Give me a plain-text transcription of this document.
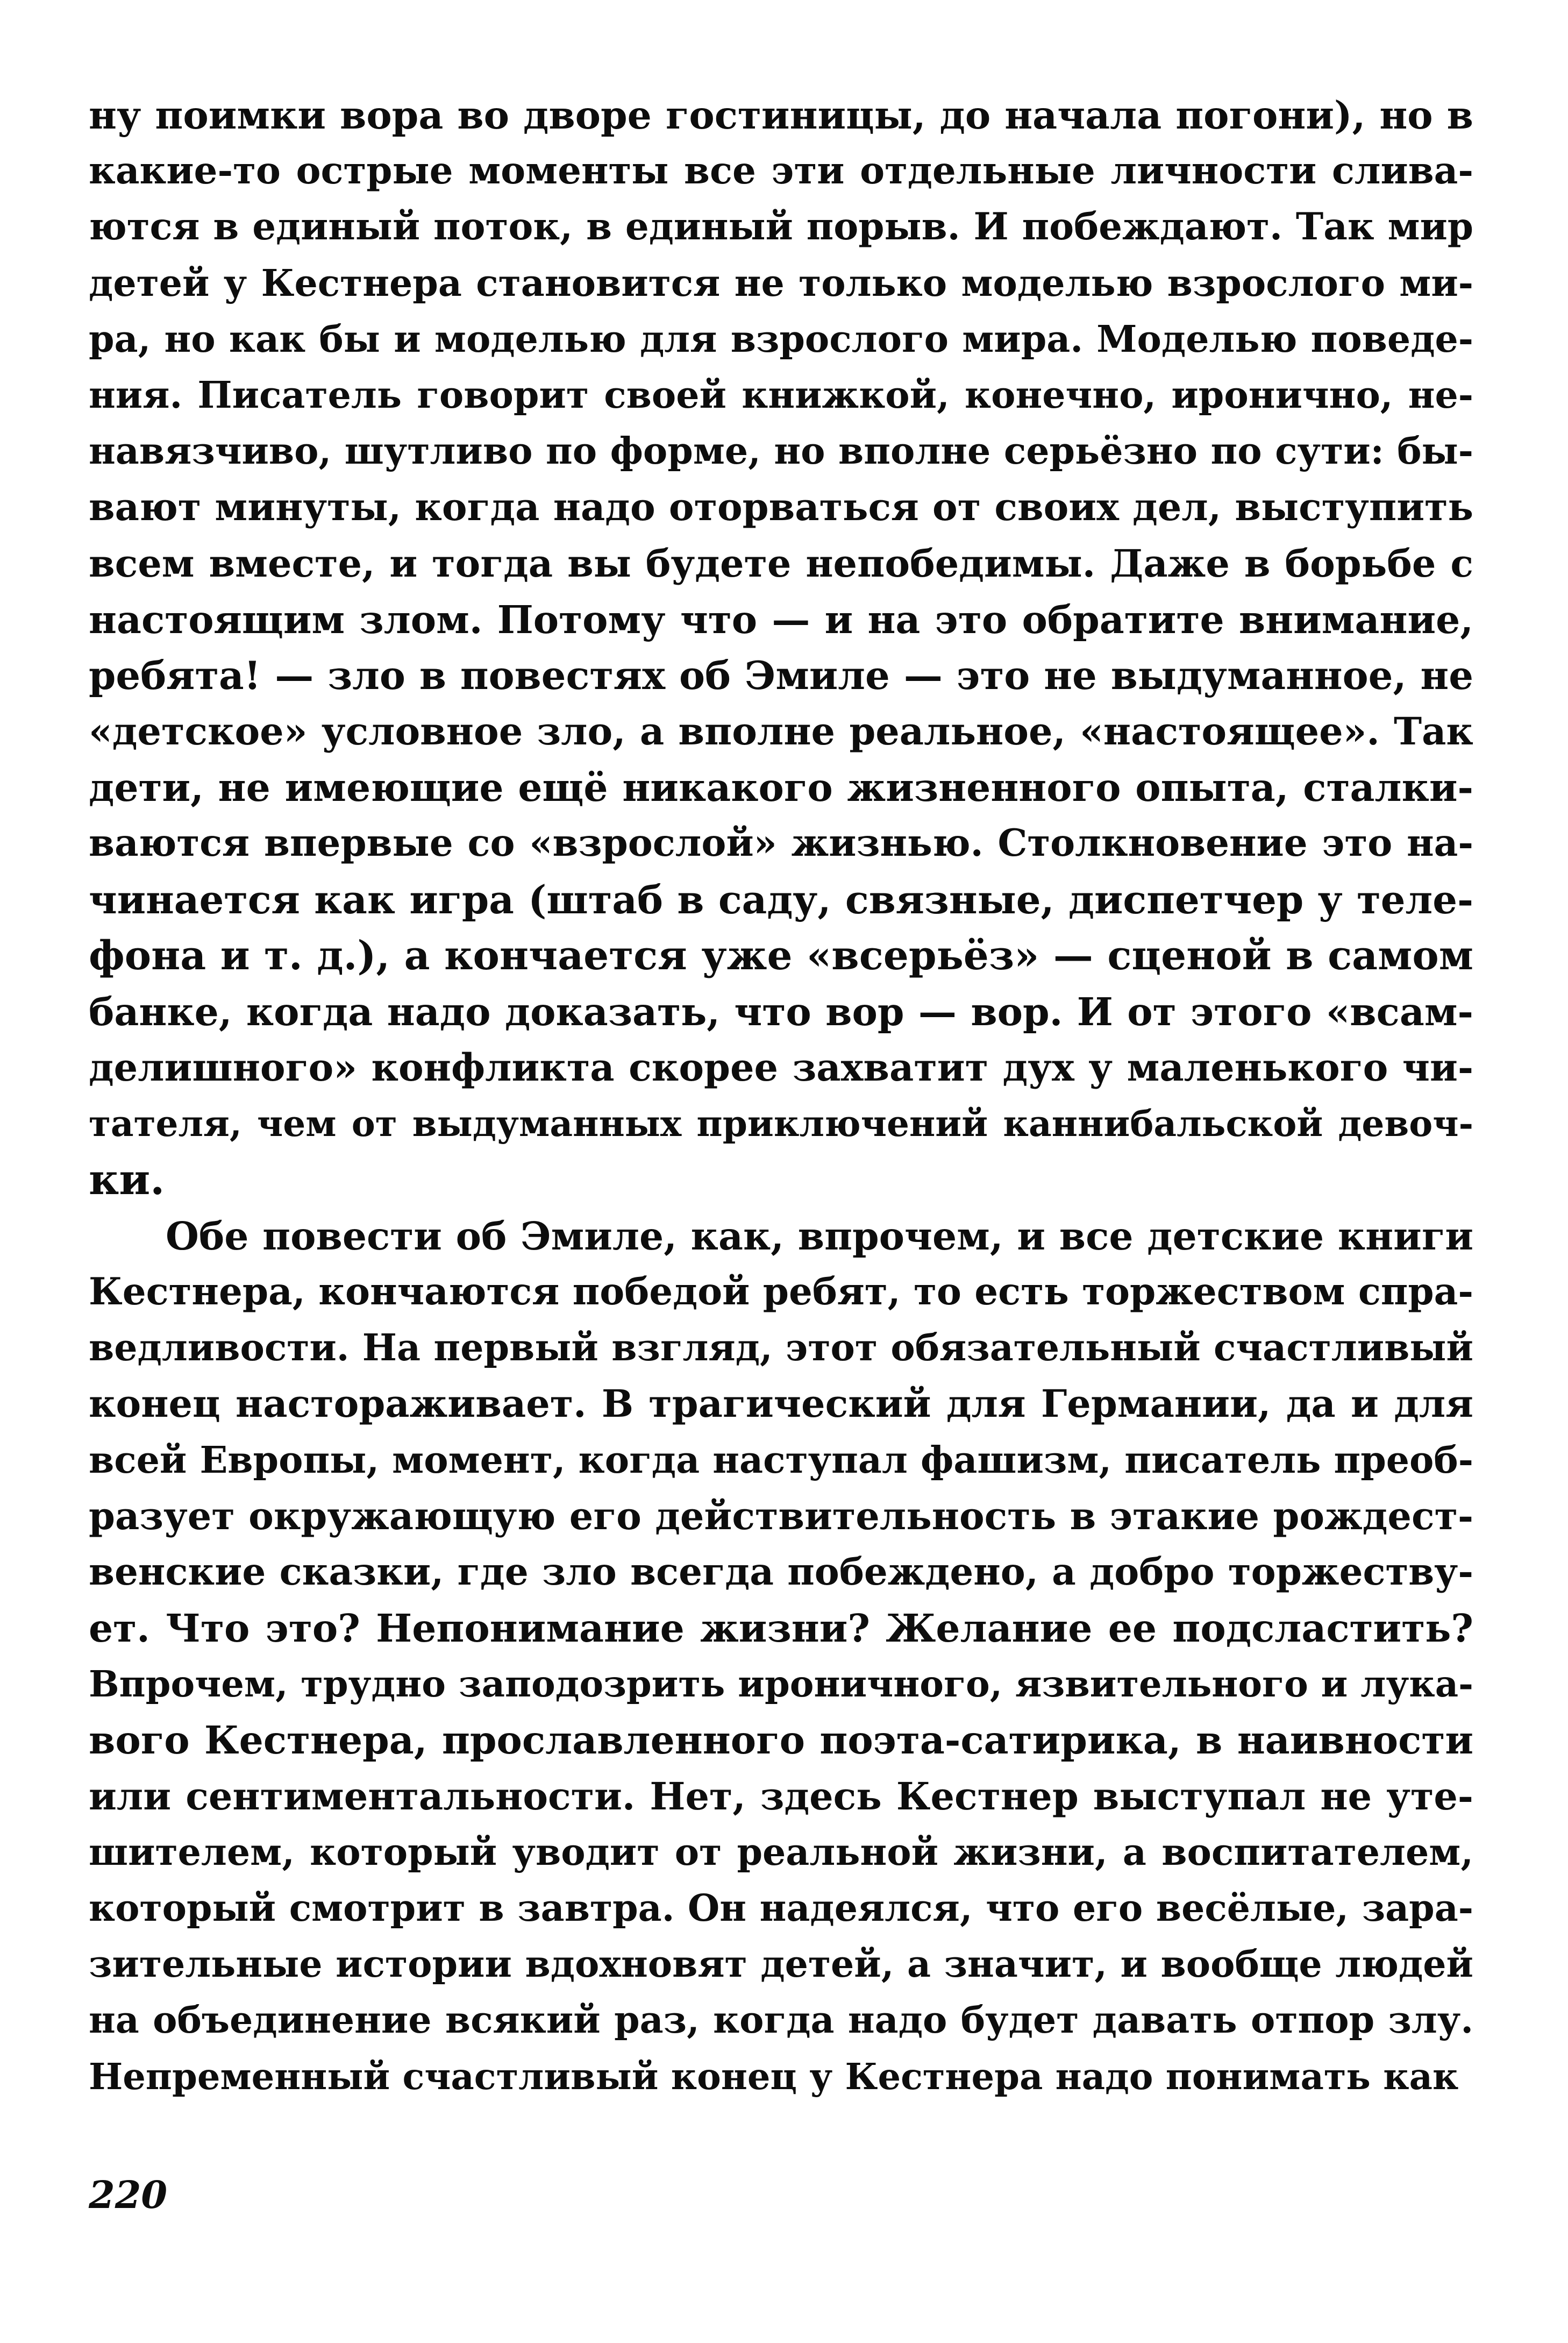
ну поимки вора во дворе гостиницы, до начала погони), но в
какие-то острые моменты все эти отдельные личности слива-
ются в единый поток, в единый порыв. И побеждают. Так мир
детей у Кестнера становится не только моделью взрослого ми-
ра, но как бы и моделью для взрослого мира. Моделью поведе-
ния. Писатель говорит своей книжкой, конечно, иронично, не-
навязчиво, шутливо по форме, но вполне серьёзно по сути: бы-
вают минуты, когда надо оторваться от своих дел, выступить
всем вместе, и тогда вы будете непобедимы. Даже в борьбе с
настоящим злом. Потому что — и на это обратите внимание,
ребята! — зло в повестях об Эмиле — это не выдуманное, не
«детское» условное зло, а вполне реальное, «настоящее». Так
дети, не имеющие ещё никакого жизненного опыта, сталки-
ваются впервые со «взрослой» жизнью. Столкновение это на-
чинается как игра (штаб в саду, связные, диспетчер у теле-
фона и т. д.), а кончается уже «всерьёз» — сценой в самом
банке, когда надо доказать, что вор — вор. И от этого «всам-
делишного» конфликта скорее захватит дух у маленького чи-
тателя, чем от выдуманных приключений каннибальской девоч-
ки.
Обе повести об Эмиле, как, впрочем, и все детские книги
Кестнера, кончаются победой ребят, то есть торжеством спра-
ведливости. На первый взгляд, этот обязательный счастливый
конец настораживает. В трагический для Германии, да и для
всей Европы, момент, когда наступал фашизм, писатель преоб-
разует окружающую его действительность в этакие рождест-
венские сказки, где зло всегда побеждено, а добро торжеству-
ет. Что это? Непонимание жизни? Желание ее подсластить?
Впрочем, трудно заподозрить ироничного, язвительного и лука-
вого Кестнера, прославленного поэта-сатирика, в наивности
или сентиментальности. Нет, здесь Кестнер выступал не уте-
шителем, который уводит от реальной жизни, а воспитателем,
который смотрит в завтра. Он надеялся, что его весёлые, зара-
зительные истории вдохновят детей, а значит, и вообще людей
на объединение всякий раз, когда надо будет давать отпор злу.
Непременный счастливый конец у Кестнера надо понимать как
220
